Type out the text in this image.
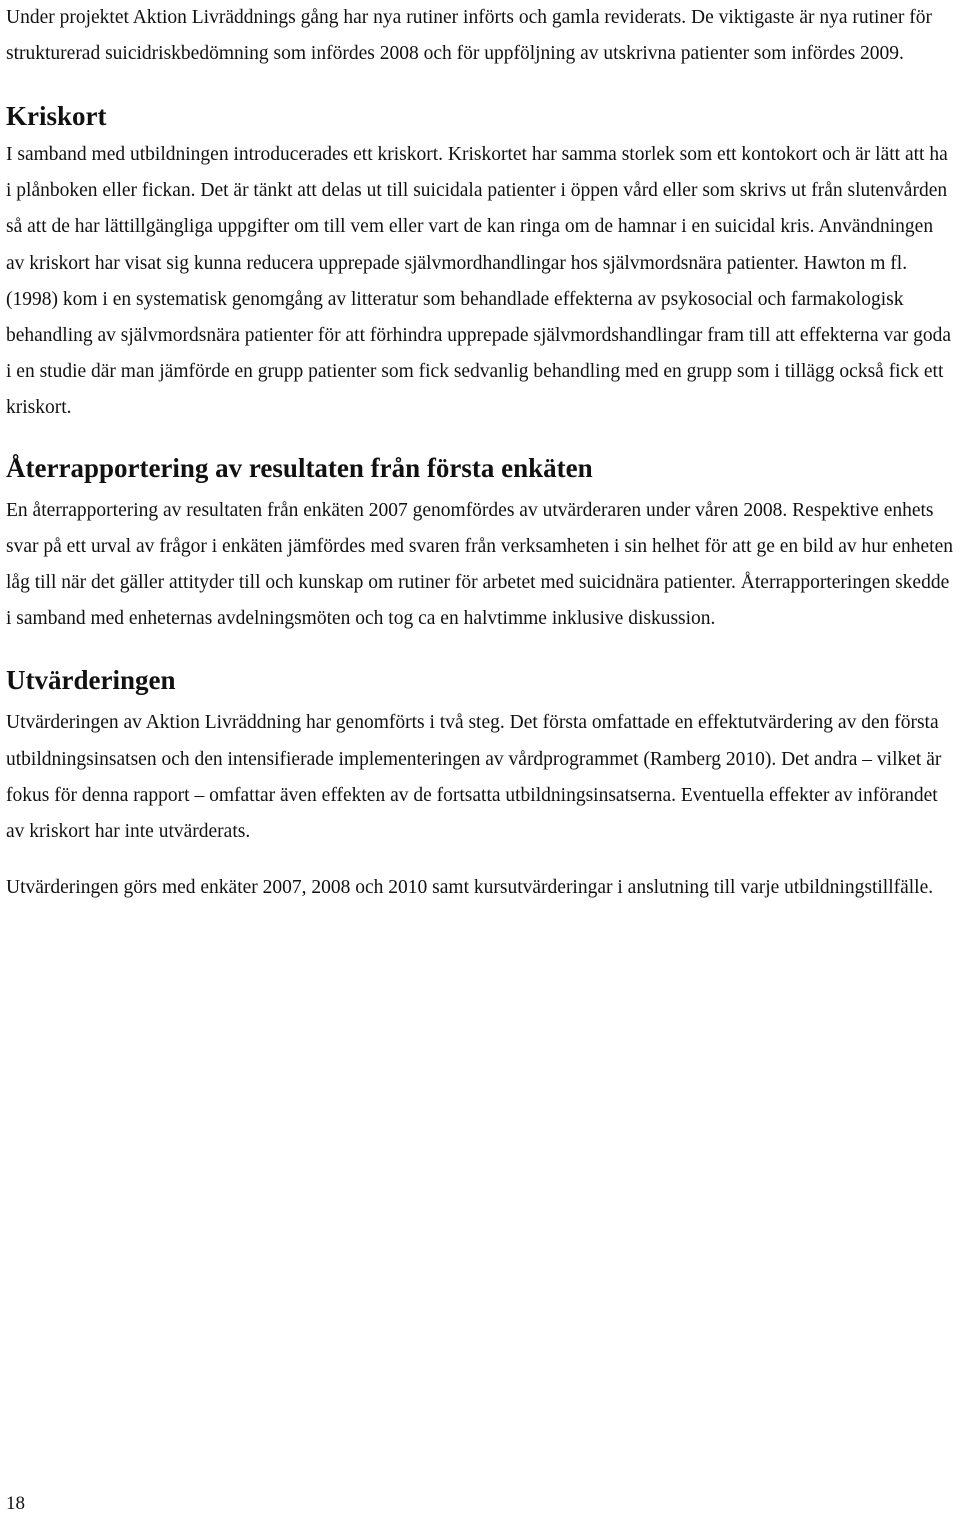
Under projektet Aktion Livräddnings gång har nya rutiner införts och gamla reviderats. De viktigaste är nya rutiner för strukturerad suicidriskbedömning som infördes 2008 och för uppföljning av utskrivna patienter som infördes 2009.

Kriskort

I samband med utbildningen introducerades ett kriskort. Kriskortet har samma storlek som ett kontokort och är lätt att ha i plånboken eller fickan. Det är tänkt att delas ut till suicidala patienter i öppen vård eller som skrivs ut från slutenvården så att de har lättillgängliga uppgifter om till vem eller vart de kan ringa om de hamnar i en suicidal kris. Användningen av kriskort har visat sig kunna reducera upprepade självmordhandlingar hos självmordsnära patienter. Hawton m fl. (1998) kom i en systematisk genomgång av litteratur som behandlade effekterna av psykosocial och farmakologisk behandling av självmordsnära patienter för att förhindra upprepade självmordshandlingar fram till att effekterna var goda i en studie där man jämförde en grupp patienter som fick sedvanlig behandling med en grupp som i tillägg också fick ett kriskort.

Återrapportering av resultaten från första enkäten

En återrapportering av resultaten från enkäten 2007 genomfördes av utvärderaren under våren 2008. Respektive enhets svar på ett urval av frågor i enkäten jämfördes med svaren från verksamheten i sin helhet för att ge en bild av hur enheten låg till när det gäller attityder till och kunskap om rutiner för arbetet med suicidnära patienter. Återrapporteringen skedde i samband med enheternas avdelningsmöten och tog ca en halvtimme inklusive diskussion.

Utvärderingen

Utvärderingen av Aktion Livräddning har genomförts i två steg. Det första omfattade en effektutvärdering av den första utbildningsinsatsen och den intensifierade implementeringen av vårdprogrammet (Ramberg 2010). Det andra – vilket är fokus för denna rapport – omfattar även effekten av de fortsatta utbildningsinsatserna. Eventuella effekter av införandet av kriskort har inte utvärderats.

Utvärderingen görs med enkäter 2007, 2008 och 2010 samt kursutvärderingar i anslutning till varje utbildningstillfälle.

18
